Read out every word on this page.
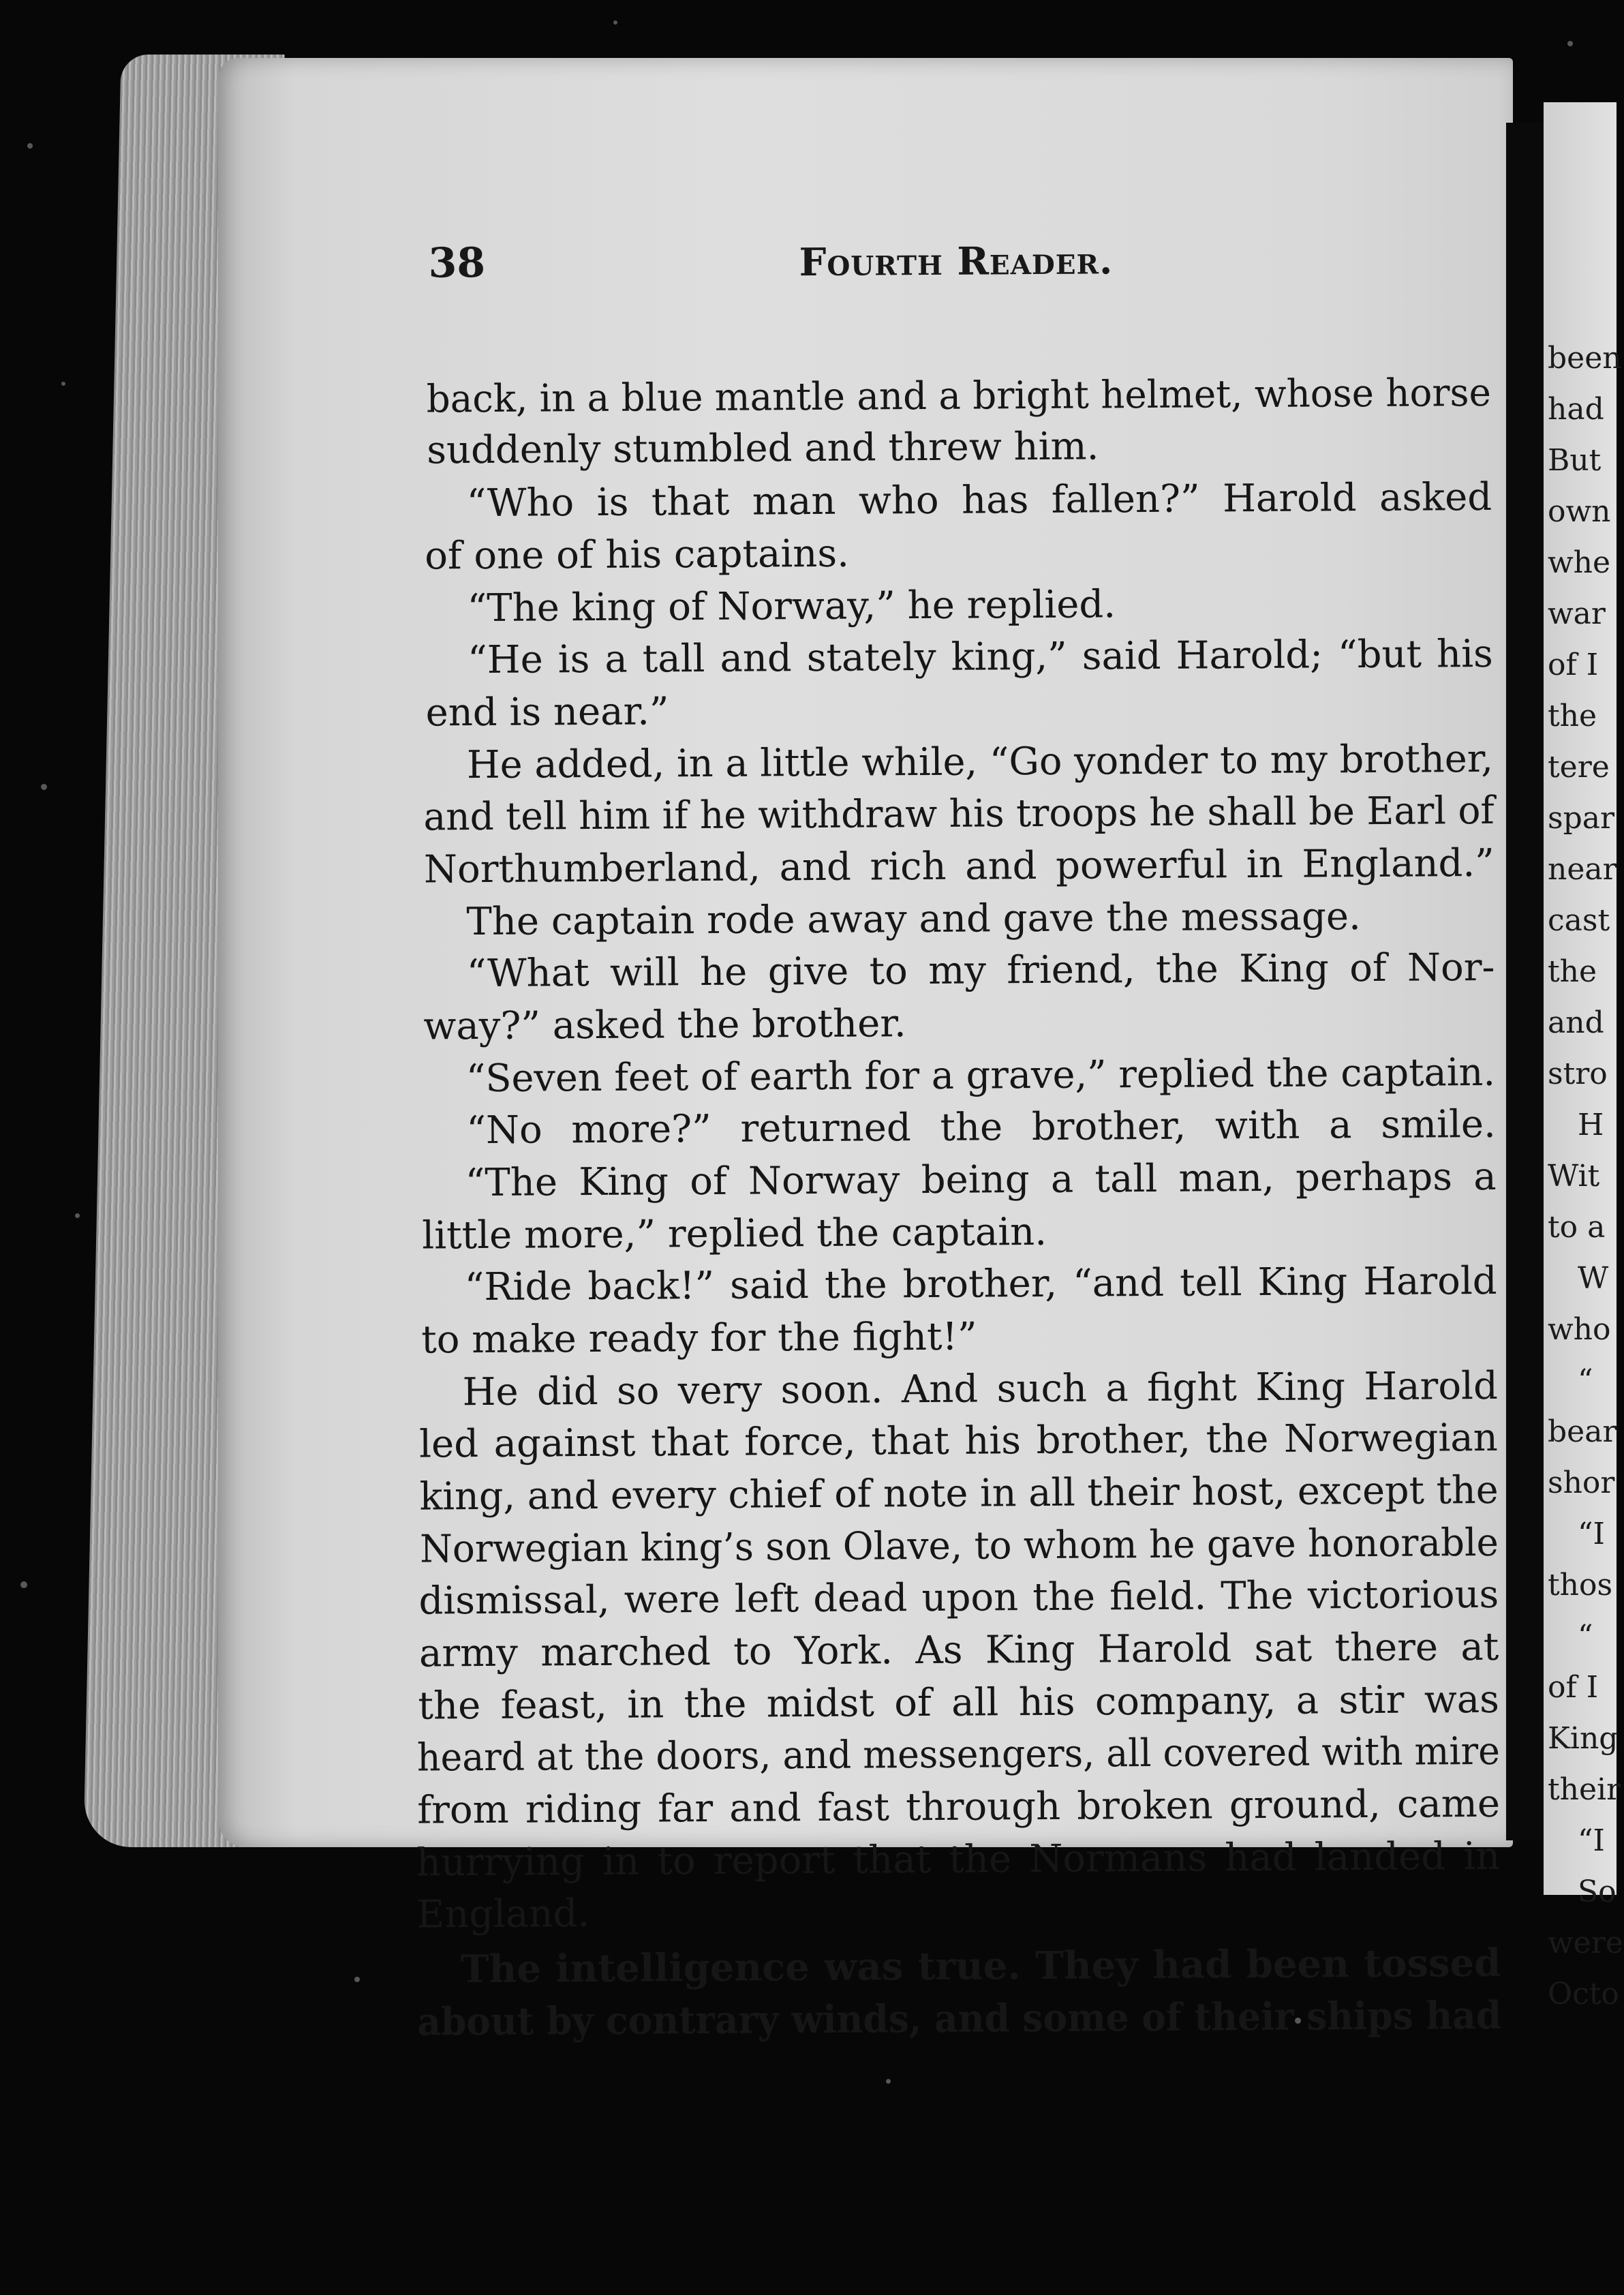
been
had
But
own
whe
war
of I
the
tere
spar
near
cast
the
and
stro
H
Wit
to a
W
who
“
bear
shor
“I
thos
“
of I
King
their
“I
So
were
Octo
38	Fourth Reader.
back, in a blue mantle and a bright helmet, whose horse
suddenly stumbled and threw him.
“Who is that man who has fallen?” Harold asked
of one of his captains.
“The king of Norway,” he replied.
“He is a tall and stately king,” said Harold; “but his
end is near.”
He added, in a little while, “Go yonder to my brother,
and tell him if he withdraw his troops he shall be Earl of
Northumberland, and rich and powerful in England.”
The captain rode away and gave the message.
“What will he give to my friend, the King of Nor-
way?” asked the brother.
“Seven feet of earth for a grave,” replied the captain.
“No more?” returned the brother, with a smile.
“The King of Norway being a tall man, perhaps a
little more,” replied the captain.
“Ride back!” said the brother, “and tell King Harold
to make ready for the fight!”
He did so very soon. And such a fight King Harold
led against that force, that his brother, the Norwegian
king, and every chief of note in all their host, except the
Norwegian king’s son Olave, to whom he gave honorable
dismissal, were left dead upon the field. The victorious
army marched to York. As King Harold sat there at
the feast, in the midst of all his company, a stir was
heard at the doors, and messengers, all covered with mire
from riding far and fast through broken ground, came
hurrying in to report that the Normans had landed in
England.
The intelligence was true. They had been tossed
about by contrary winds, and some of their ships had
